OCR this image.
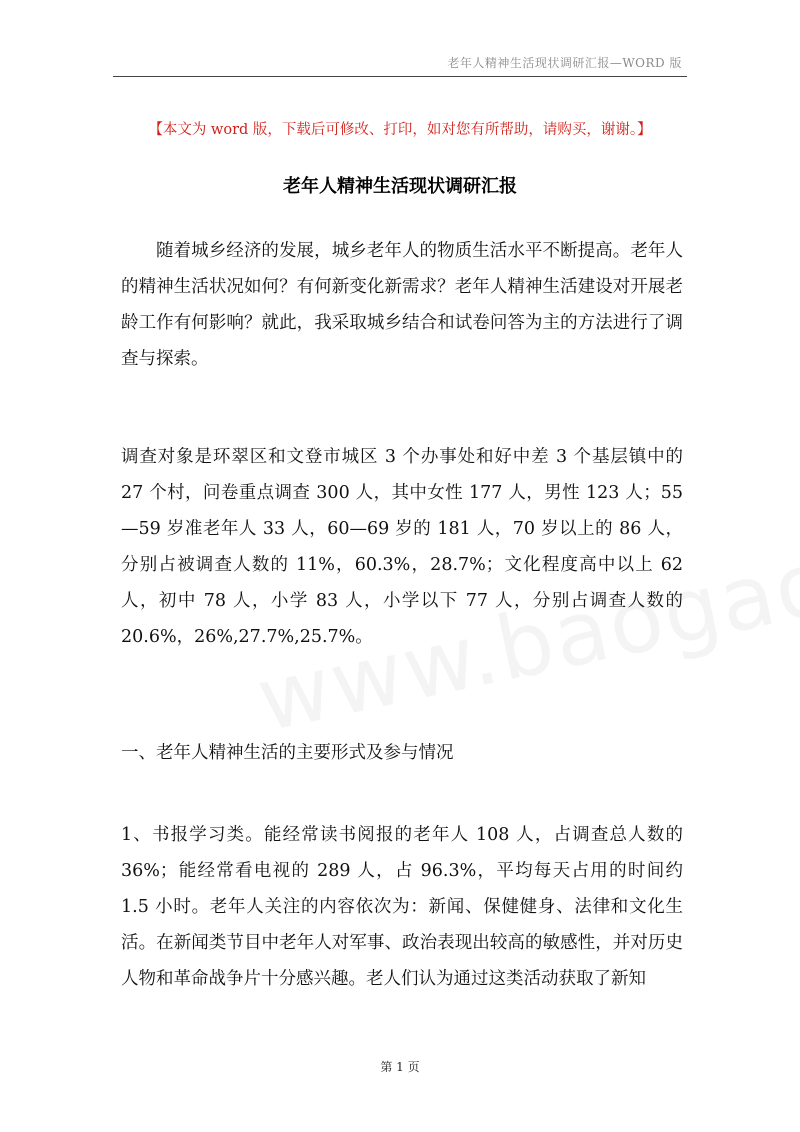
老年人精神生活现状调研汇报—WORD 版
【本文为 word 版，下载后可修改、打印，如对您有所帮助，请购买，谢谢。】
老年人精神生活现状调研汇报

随着城乡经济的发展，城乡老年人的物质生活水平不断提高。老年人的精神生活状况如何？有何新变化新需求？老年人精神生活建设对开展老龄工作有何影响？就此，我采取城乡结合和试卷问答为主的方法进行了调查与探索。

调查对象是环翠区和文登市城区 3 个办事处和好中差 3 个基层镇中的 27 个村，问卷重点调查 300 人，其中女性 177 人，男性 123 人；55—59 岁准老年人 33 人，60—69 岁的 181 人，70 岁以上的 86 人，分别占被调查人数的 11%，60.3%，28.7%；文化程度高中以上 62 人，初中 78 人，小学 83 人，小学以下 77 人，分别占调查人数的 20.6%，26%,27.7%,25.7%。

一、老年人精神生活的主要形式及参与情况

1、书报学习类。能经常读书阅报的老年人 108 人，占调查总人数的 36%；能经常看电视的 289 人，占 96.3%，平均每天占用的时间约 1.5 小时。老年人关注的内容依次为：新闻、保健健身、法律和文化生活。在新闻类节目中老年人对军事、政治表现出较高的敏感性，并对历史人物和革命战争片十分感兴趣。老人们认为通过这类活动获取了新知

第 1 页
